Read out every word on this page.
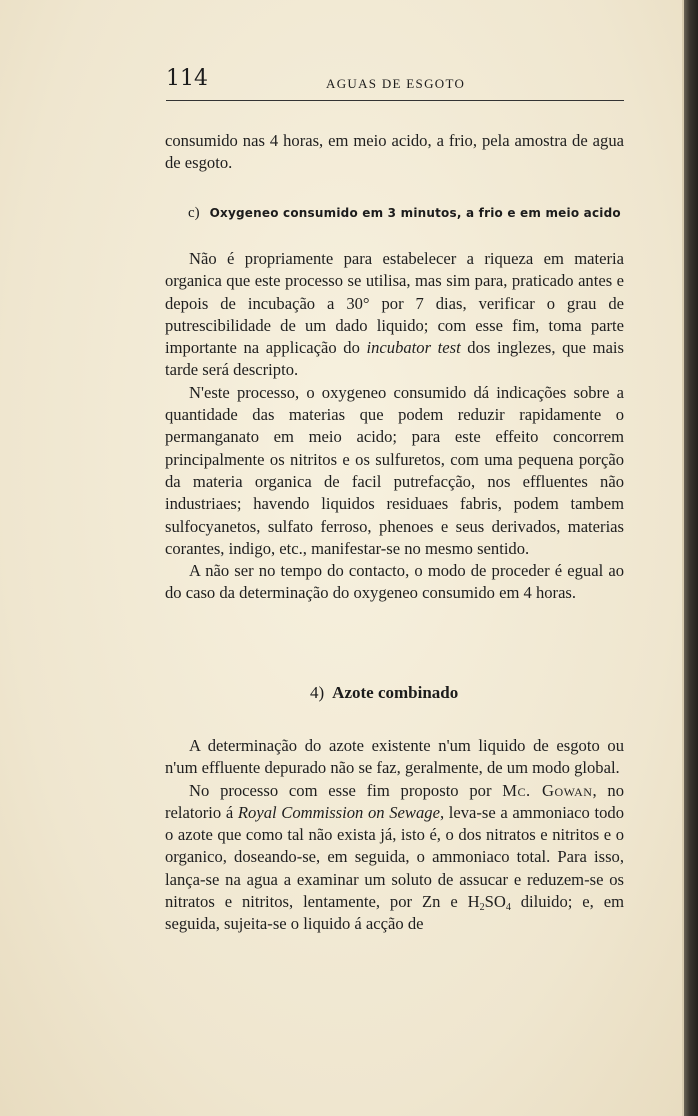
114	AGUAS DE ESGOTO

consumido nas 4 horas, em meio acido, a frio, pela amostra de agua de esgoto.

c) Oxygeneo consumido em 3 minutos, a frio e em meio acido

Não é propriamente para estabelecer a riqueza em materia organica que este processo se utilisa, mas sim para, praticado antes e depois de incubação a 30° por 7 dias, verificar o grau de putrescibilidade de um dado liquido; com esse fim, toma parte importante na applicação do incubator test dos inglezes, que mais tarde será descripto.

N'este processo, o oxygeneo consumido dá indicações sobre a quantidade das materias que podem reduzir rapidamente o permanganato em meio acido; para este effeito concorrem principalmente os nitritos e os sulfuretos, com uma pequena porção da materia organica de facil putrefacção, nos effluentes não industriaes; havendo liquidos residuaes fabris, podem tambem sulfocyanetos, sulfato ferroso, phenoes e seus derivados, materias corantes, indigo, etc., manifestar-se no mesmo sentido.

A não ser no tempo do contacto, o modo de proceder é egual ao do caso da determinação do oxygeneo consumido em 4 horas.

4) Azote combinado

A determinação do azote existente n'um liquido de esgoto ou n'um effluente depurado não se faz, geralmente, de um modo global.

No processo com esse fim proposto por Mc. Gowan, no relatorio á Royal Commission on Sewage, leva-se a ammoniaco todo o azote que como tal não exista já, isto é, o dos nitratos e nitritos e o organico, doseando-se, em seguida, o ammoniaco total. Para isso, lança-se na agua a examinar um soluto de assucar e reduzem-se os nitratos e nitritos, lentamente, por Zn e $H_2SO_4$ diluido; e, em seguida, sujeita-se o liquido á acção de
